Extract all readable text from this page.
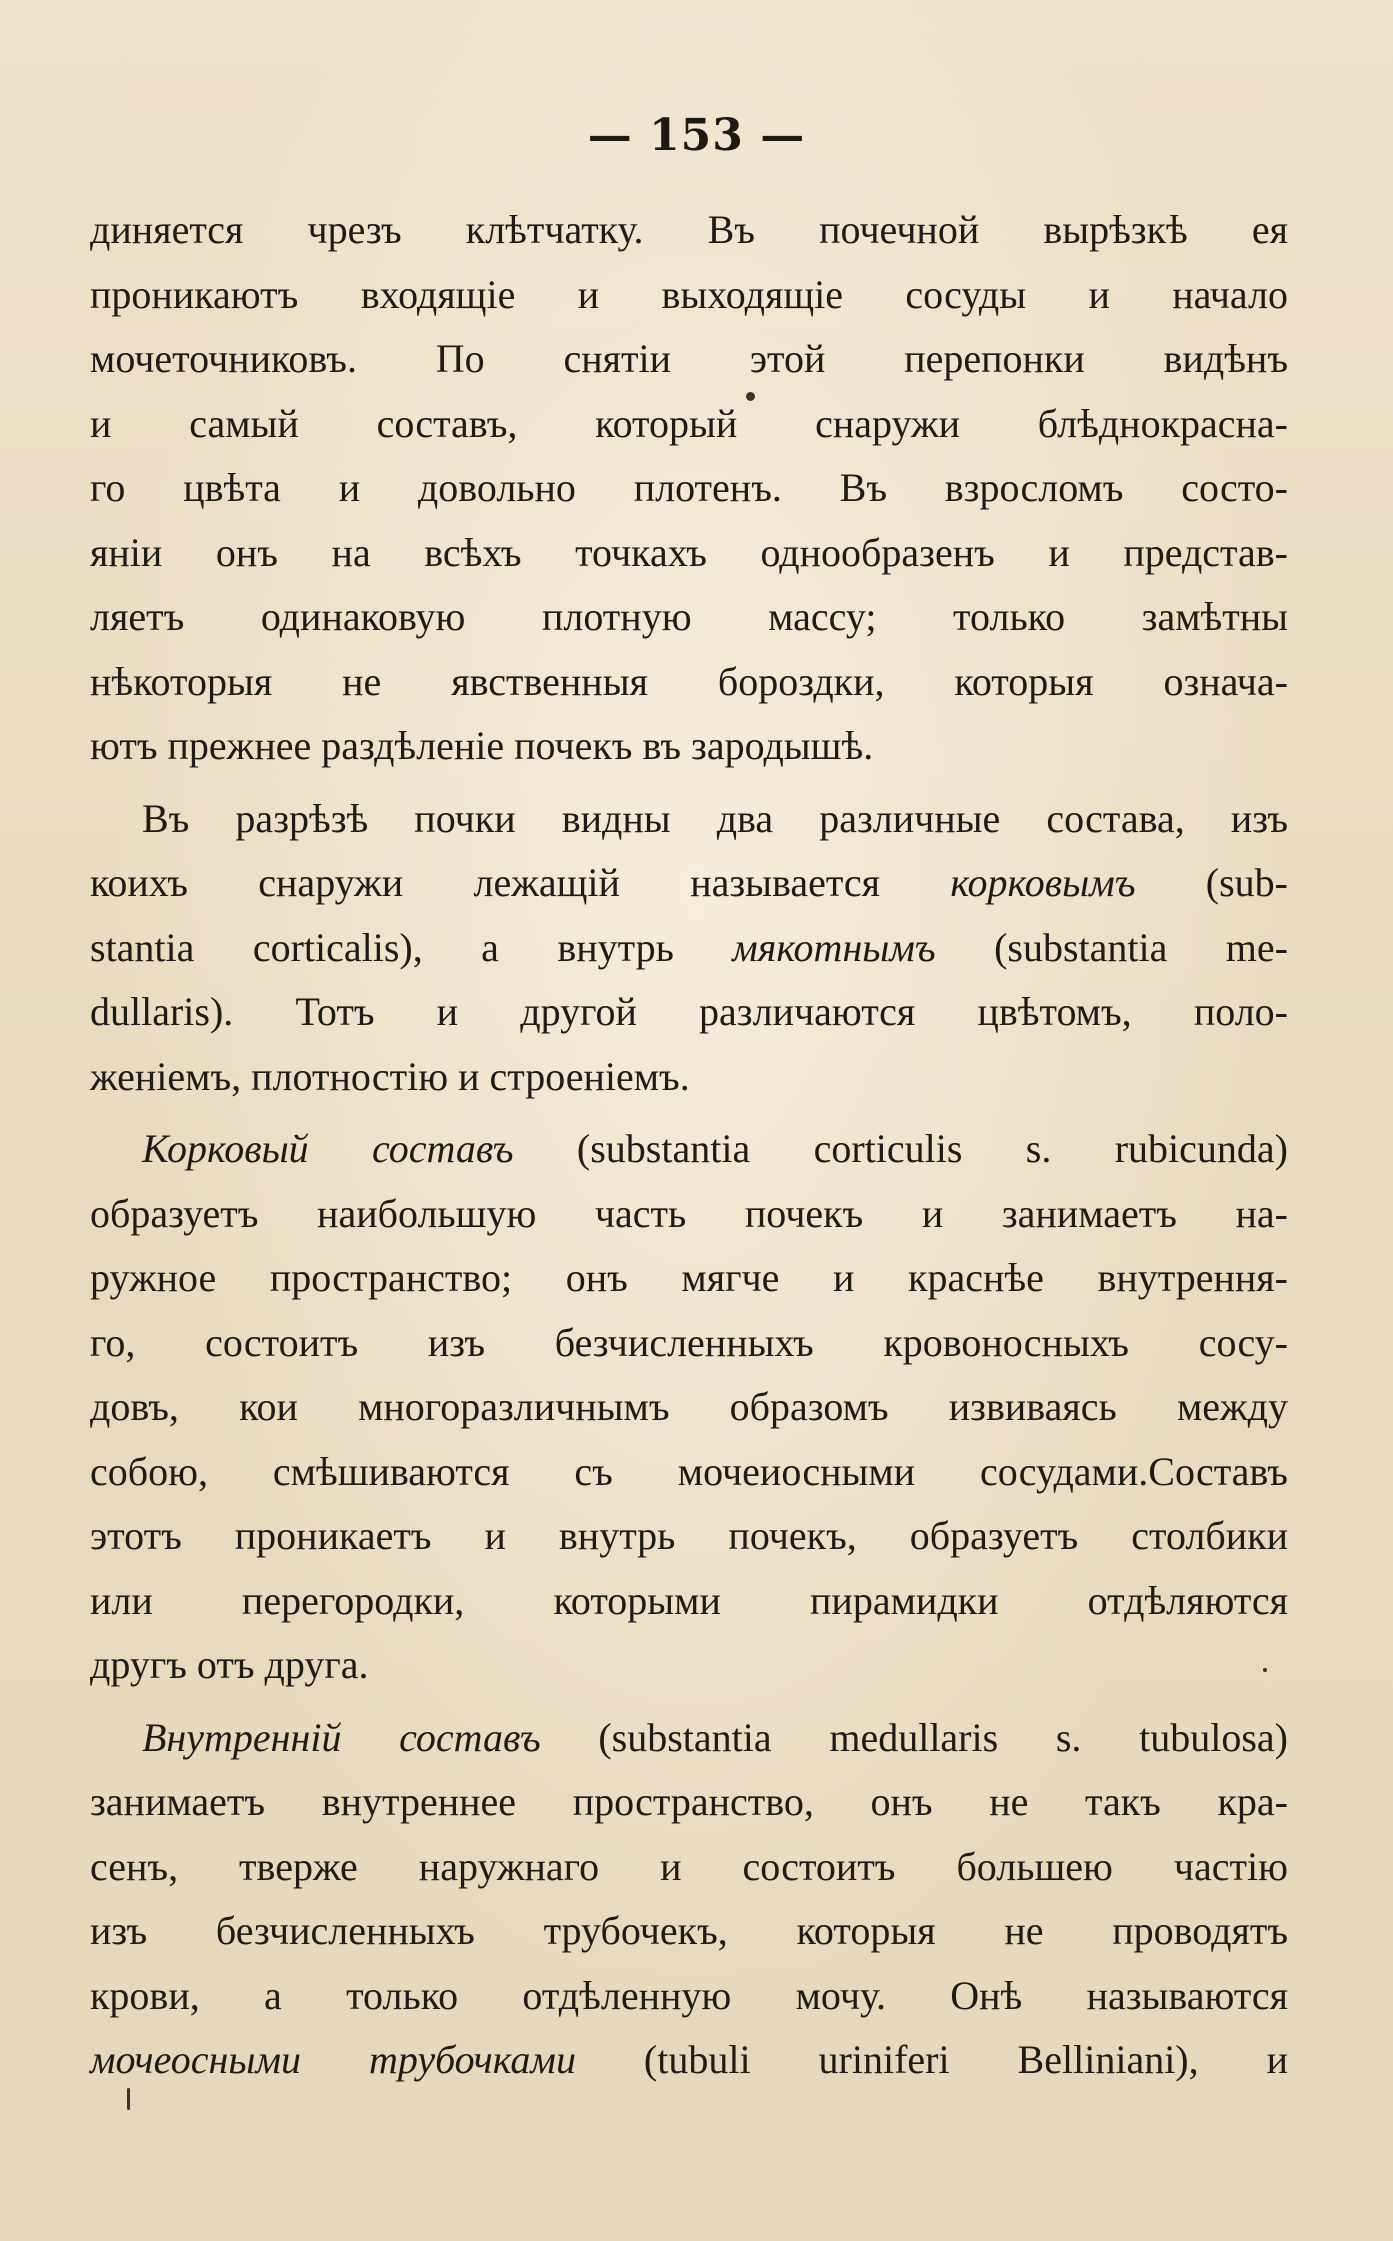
— 153 —
диняется чрезъ клѣтчатку. Въ почечной вырѣзкѣ ея
проникаютъ входящіе и выходящіе сосуды и начало
мочеточниковъ. По снятіи этой перепонки видѣнъ
и самый составъ, который снаружи блѣднокрасна-
го цвѣта и довольно плотенъ. Въ взросломъ состо-
яніи онъ на всѣхъ точкахъ однообразенъ и представ-
ляетъ одинаковую плотную массу; только замѣтны
нѣкоторыя не явственныя бороздки, которыя означа-
ютъ прежнее раздѣленіе почекъ въ зародышѣ.
Въ разрѣзѣ почки видны два различные состава, изъ
коихъ снаружи лежащій называется корковымъ (sub-
stantia corticalis), а внутрь мякотнымъ (substantia me-
dullaris). Тотъ и другой различаются цвѣтомъ, поло-
женіемъ, плотностію и строеніемъ.
Корковый составъ (substantia corticulis s. rubicunda)
образуетъ наибольшую часть почекъ и занимаетъ на-
ружное пространство; онъ мягче и краснѣе внутрення-
го, состоитъ изъ безчисленныхъ кровоносныхъ сосу-
довъ, кои многоразличнымъ образомъ извиваясь между
собою, смѣшиваются съ мочеиосными сосудами.Составъ
этотъ проникаетъ и внутрь почекъ, образуетъ столбики
или перегородки, которыми пирамидки отдѣляются
другъ отъ друга.
Внутренній составъ (substantia medullaris s. tubulosa)
занимаетъ внутреннее пространство, онъ не такъ кра-
сенъ, тверже наружнаго и состоитъ большею частію
изъ безчисленныхъ трубочекъ, которыя не проводятъ
крови, а только отдѣленную мочу. Онѣ называются
мочеосными трубочками (tubuli uriniferi Belliniani), и
